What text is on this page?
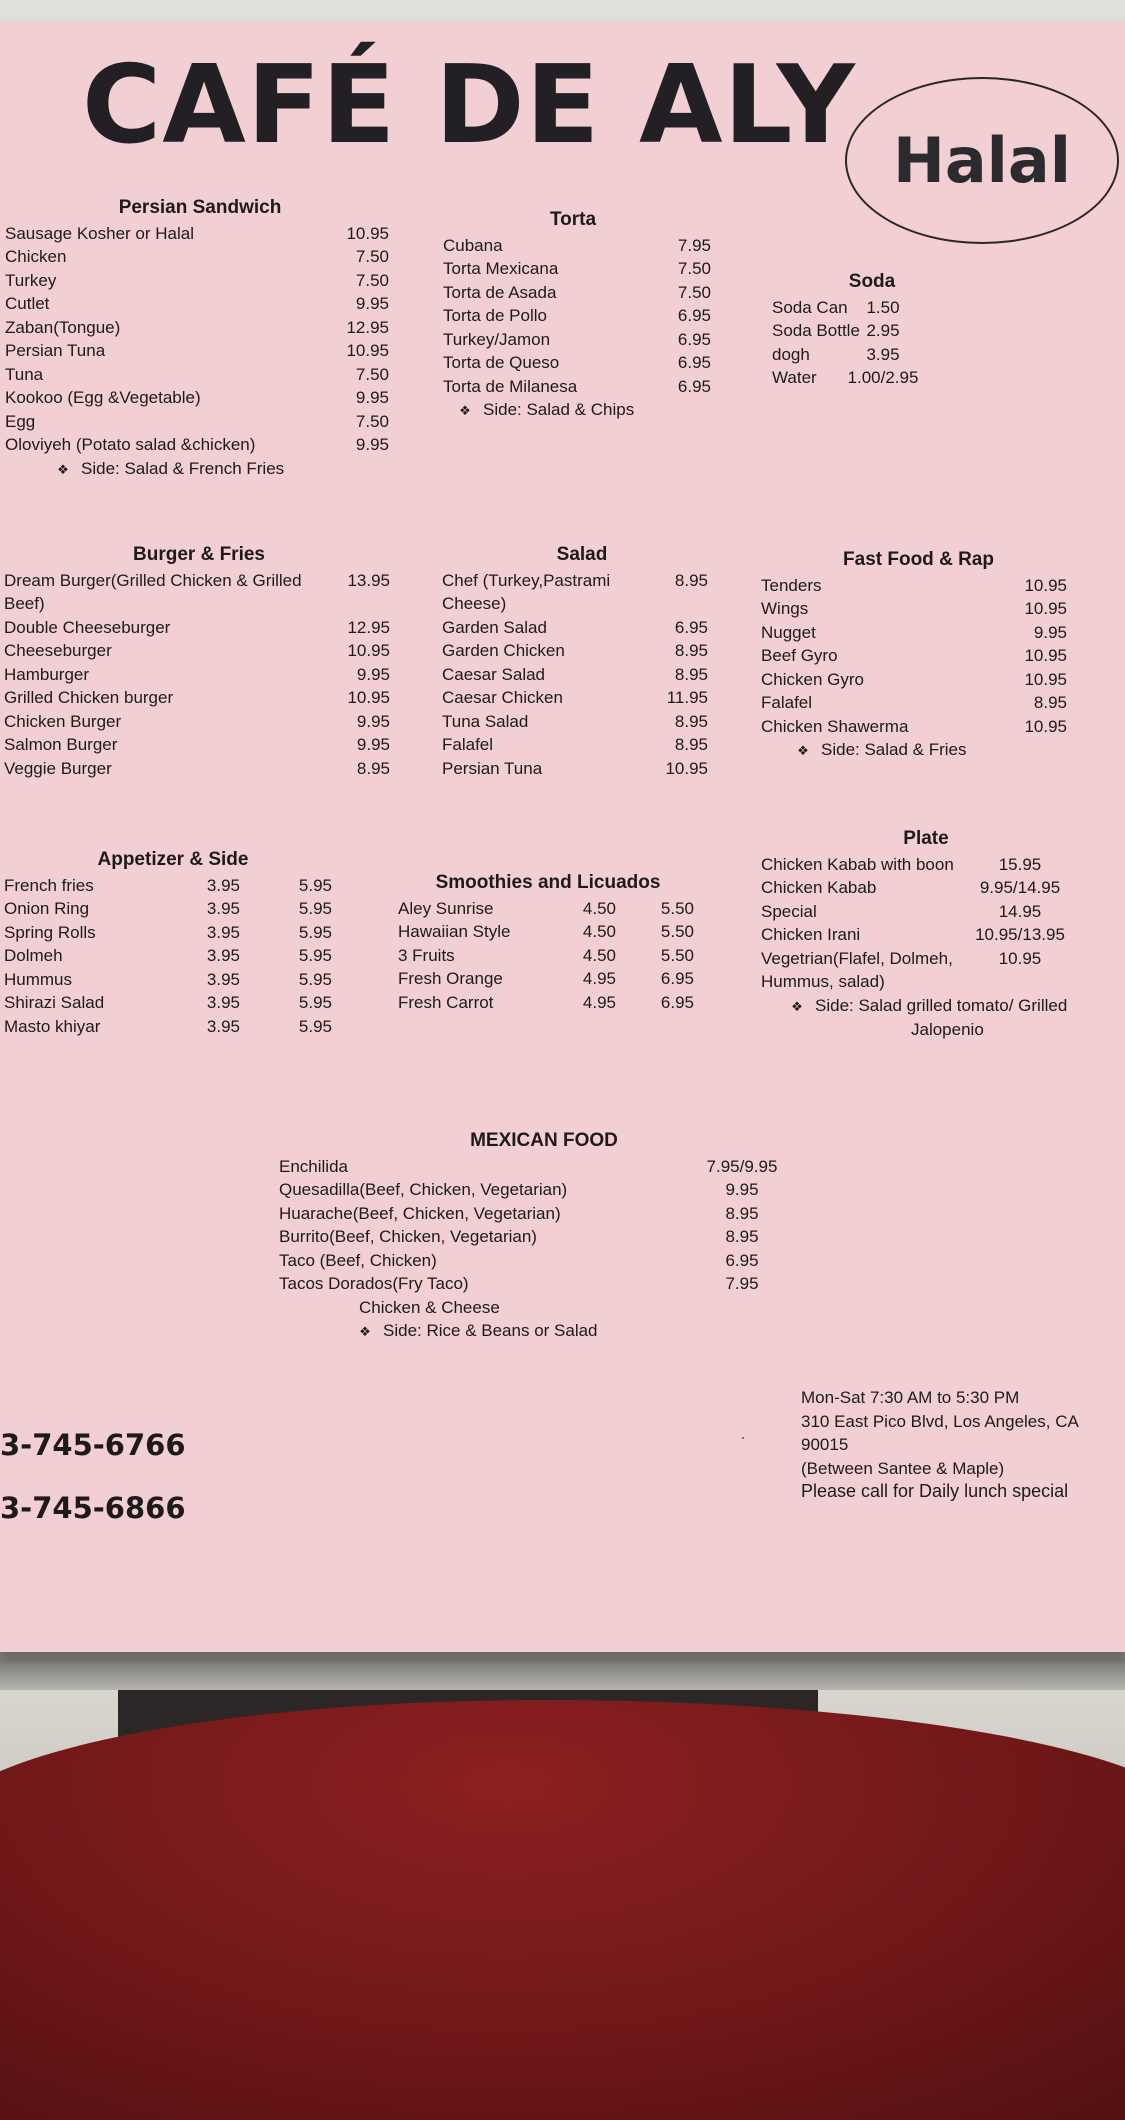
CAFÉ DE ALY Halal
Persian Sandwich
Sausage Kosher or Halal	10.95
Chicken	7.50
Turkey	7.50
Cutlet	9.95
Zaban(Tongue)	12.95
Persian Tuna	10.95
Tuna	7.50
Kookoo (Egg &Vegetable)	9.95
Egg	7.50
Oloviyeh (Potato salad &chicken)	9.95
❖ Side: Salad & French Fries
Torta
Cubana	7.95
Torta Mexicana	7.50
Torta de Asada	7.50
Torta de Pollo	6.95
Turkey/Jamon	6.95
Torta de Queso	6.95
Torta de Milanesa	6.95
❖ Side: Salad & Chips
Soda
Soda Can	1.50
Soda Bottle 2.95
dogh	3.95
Water	1.00/2.95
Burger & Fries
Dream Burger(Grilled Chicken & Grilled Beef)
13.95
Double Cheeseburger	12.95
Cheeseburger	10.95
Hamburger	9.95
Grilled Chicken burger	10.95
Chicken Burger	9.95
Salmon Burger	9.95
Veggie Burger	8.95
Salad
Chef (Turkey,Pastrami Cheese)
8.95
Garden Salad	6.95
Garden Chicken	8.95
Caesar Salad	8.95
Caesar Chicken	11.95
Tuna Salad	8.95
Falafel	8.95
Persian Tuna	10.95
Fast Food & Rap
Tenders	10.95
Wings	10.95
Nugget	9.95
Beef Gyro	10.95
Chicken Gyro	10.95
Falafel	8.95
Chicken Shawerma	10.95
❖ Side: Salad & Fries
Appetizer & Side
French fries	3.95	5.95
Onion Ring	3.95	5.95
Spring Rolls	3.95	5.95
Dolmeh	3.95	5.95
Hummus	3.95	5.95
Shirazi Salad	3.95	5.95
Masto khiyar	3.95	5.95
Smoothies and Licuados
Aley Sunrise	4.50	5.50
Hawaiian Style	4.50	5.50
3 Fruits	4.50	5.50
Fresh Orange	4.95	6.95
Fresh Carrot	4.95	6.95
Plate
Chicken Kabab with boon	15.95
Chicken Kabab	9.95/14.95
Special	14.95
Chicken Irani	10.95/13.95
Vegetrian(Flafel, Dolmeh, Hummus, salad)
10.95
❖ Side: Salad grilled tomato/ Grilled
Jalopenio
MEXICAN FOOD
Enchilida	7.95/9.95
Quesadilla(Beef, Chicken, Vegetarian)	9.95
Huarache(Beef, Chicken, Vegetarian)	8.95
Burrito(Beef, Chicken, Vegetarian)	8.95
Taco (Beef, Chicken)	6.95
Tacos Dorados(Fry Taco)	7.95
Chicken & Cheese
❖ Side: Rice & Beans or Salad
3-745-6766
3-745-6866
Mon-Sat 7:30 AM to 5:30 PM
310 East Pico Blvd, Los Angeles, CA
90015
(Between Santee & Maple)
Please call for Daily lunch special
